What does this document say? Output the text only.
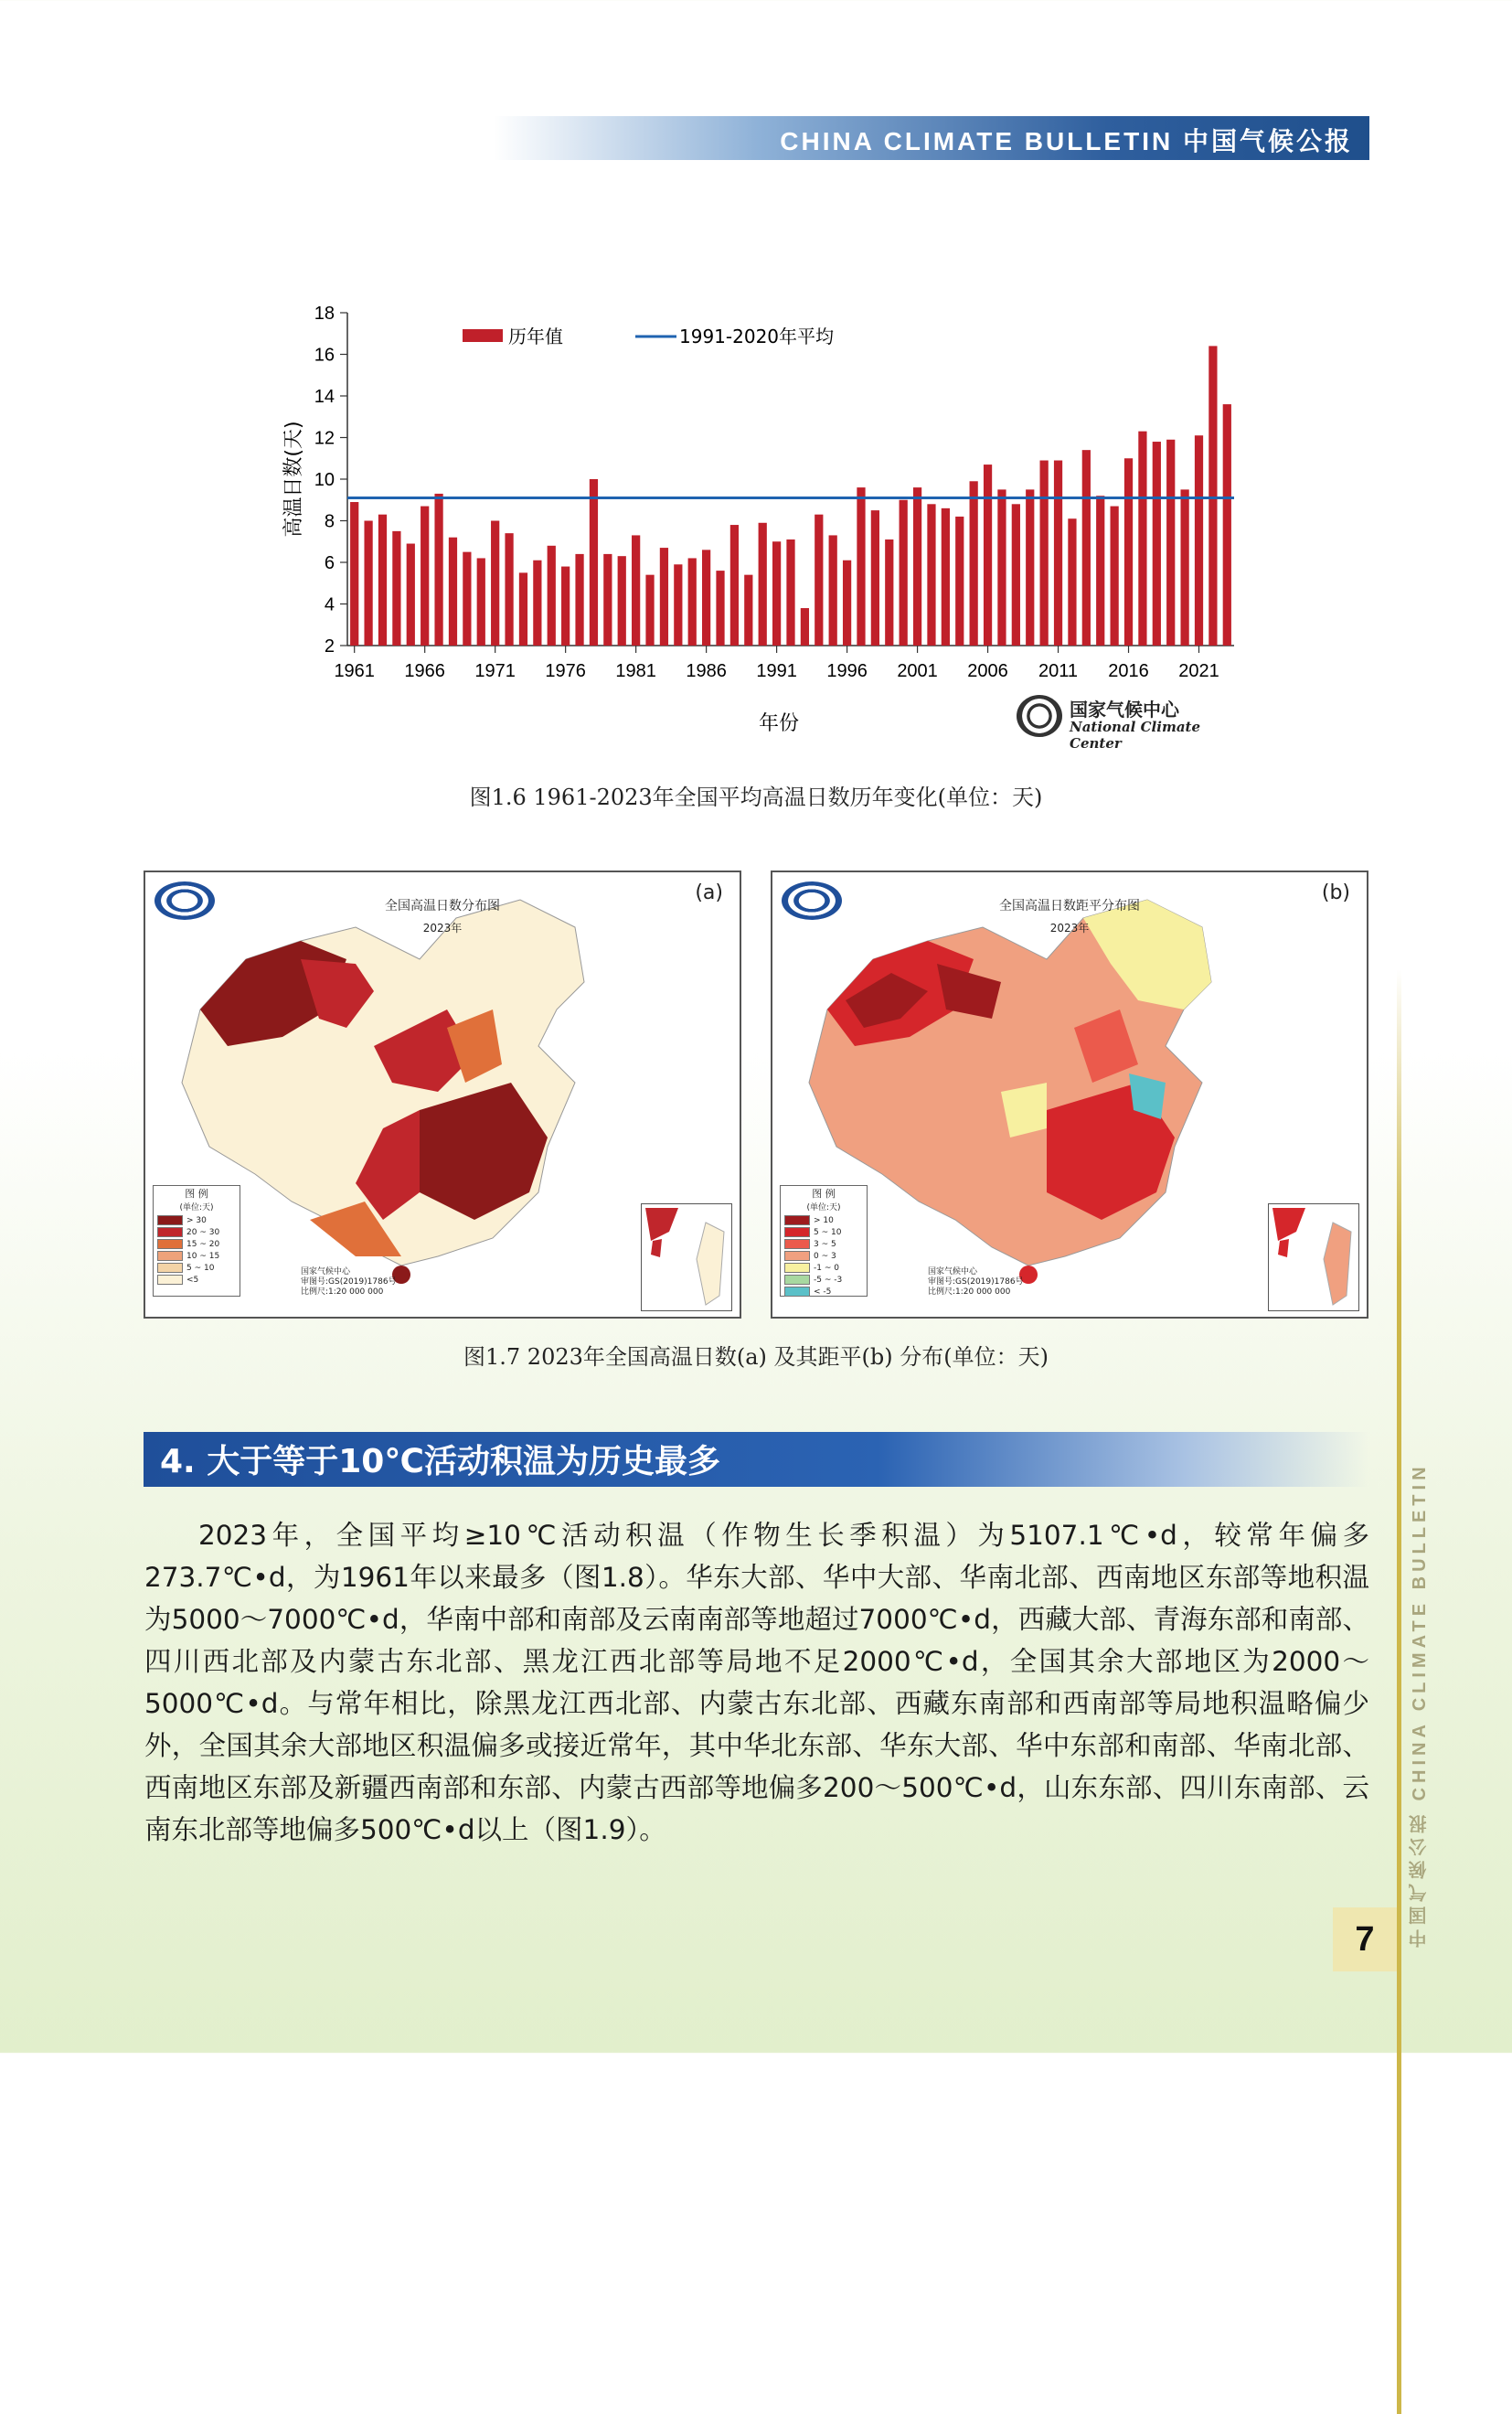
CHINA CLIMATE BULLETIN 中国气候公报
2
4
6
8
10
12
14
16
18
1961 1966 1971 1976 1981 1986 1991 1996 2001 2006 2011 2016 2021
历年值	1991-2020年平均
高温日数(天)
年份
国家气候中心
National Climate Center
图1.6 1961-2023年全国平均高温日数历年变化(单位：天)
全国高温日数分布图
2023年
(a)
图 例
(单位:天)
> 30
20 ~ 30
15 ~ 20
10 ~ 15
5 ~ 10
<5
国家气候中心
审图号:GS(2019)1786号
比例尺:1:20 000 000
全国高温日数距平分布图
2023年
(b)
图 例
(单位:天)
> 10
5 ~ 10
3 ~ 5
0 ~ 3
-1 ~ 0
-5 ~ -3
< -5
国家气候中心
审图号:GS(2019)1786号
比例尺:1:20 000 000
图1.7 2023年全国高温日数(a) 及其距平(b) 分布(单位：天)
4. 大于等于10℃活动积温为历史最多
2023年，全国平均≥10℃活动积温（作物生长季积温）为5107.1℃•d，较常年偏多273.7℃•d，为1961年以来最多（图1.8）。华东大部、华中大部、华南北部、西南地区东部等地积温为5000～7000℃•d，华南中部和南部及云南南部等地超过7000℃•d，西藏大部、青海东部和南部、四川西北部及内蒙古东北部、黑龙江西北部等局地不足2000℃•d，全国其余大部地区为2000～5000℃•d。与常年相比，除黑龙江西北部、内蒙古东北部、西藏东南部和西南部等局地积温略偏少外，全国其余大部地区积温偏多或接近常年，其中华北东部、华东大部、华中东部和南部、华南北部、西南地区东部及新疆西南部和东部、内蒙古西部等地偏多200～500℃•d，山东东部、四川东南部、云南东北部等地偏多500℃•d以上（图1.9）。	中国气候公报 CHINA CLIMATE BULLETIN
7
